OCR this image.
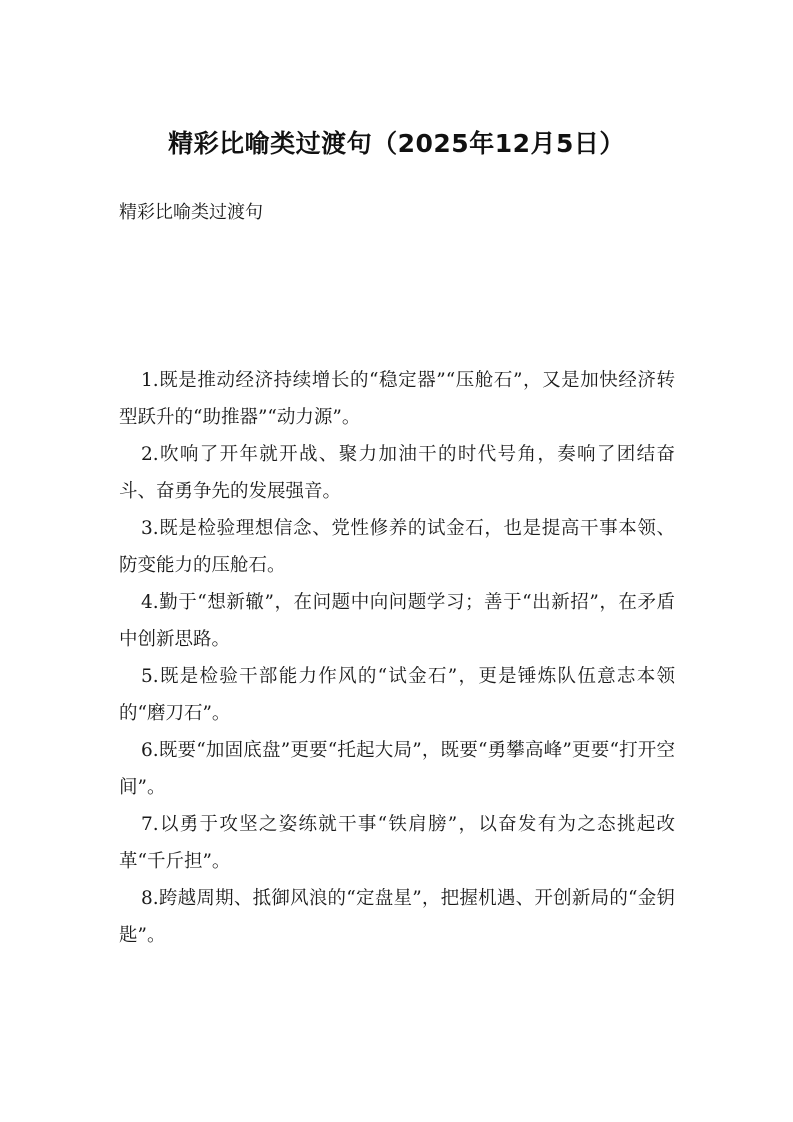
精彩比喻类过渡句（2025年12月5日）
精彩比喻类过渡句
1.既是推动经济持续增长的“稳定器”“压舱石”，又是加快经济转型跃升的“助推器”“动力源”。
2.吹响了开年就开战、聚力加油干的时代号角，奏响了团结奋斗、奋勇争先的发展强音。
3.既是检验理想信念、党性修养的试金石，也是提高干事本领、防变能力的压舱石。
4.勤于“想新辙”，在问题中向问题学习；善于“出新招”，在矛盾中创新思路。
5.既是检验干部能力作风的“试金石”，更是锤炼队伍意志本领的“磨刀石”。
6.既要“加固底盘”更要“托起大局”，既要“勇攀高峰”更要“打开空间”。
7.以勇于攻坚之姿练就干事“铁肩膀”，以奋发有为之态挑起改革“千斤担”。
8.跨越周期、抵御风浪的“定盘星”，把握机遇、开创新局的“金钥匙”。
